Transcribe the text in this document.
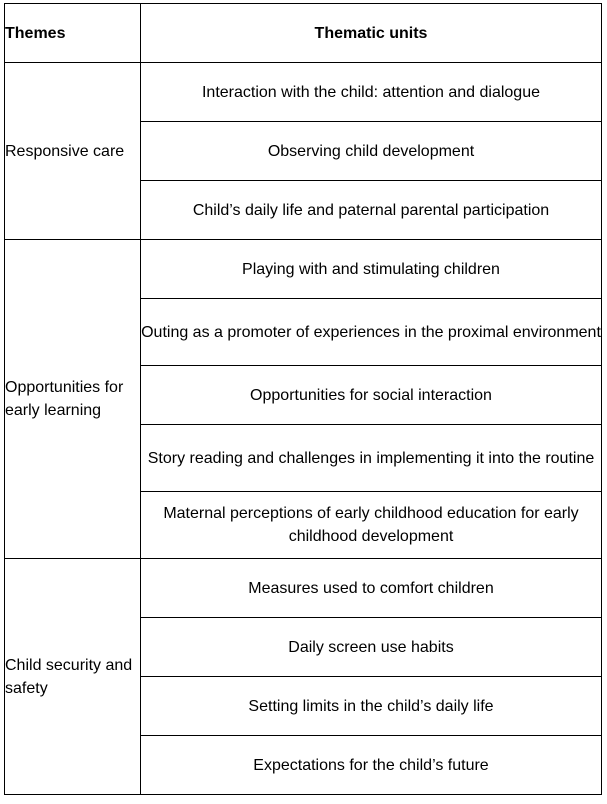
Themes	Thematic units
Responsive care	Interaction with the child: attention and dialogue
	Observing child development
	Child’s daily life and paternal parental participation
Opportunities for early learning	Playing with and stimulating children
	Outing as a promoter of experiences in the proximal environment
	Opportunities for social interaction
	Story reading and challenges in implementing it into the routine
	Maternal perceptions of early childhood education for early childhood development
Child security and safety	Measures used to comfort children
	Daily screen use habits
	Setting limits in the child’s daily life
	Expectations for the child’s future
